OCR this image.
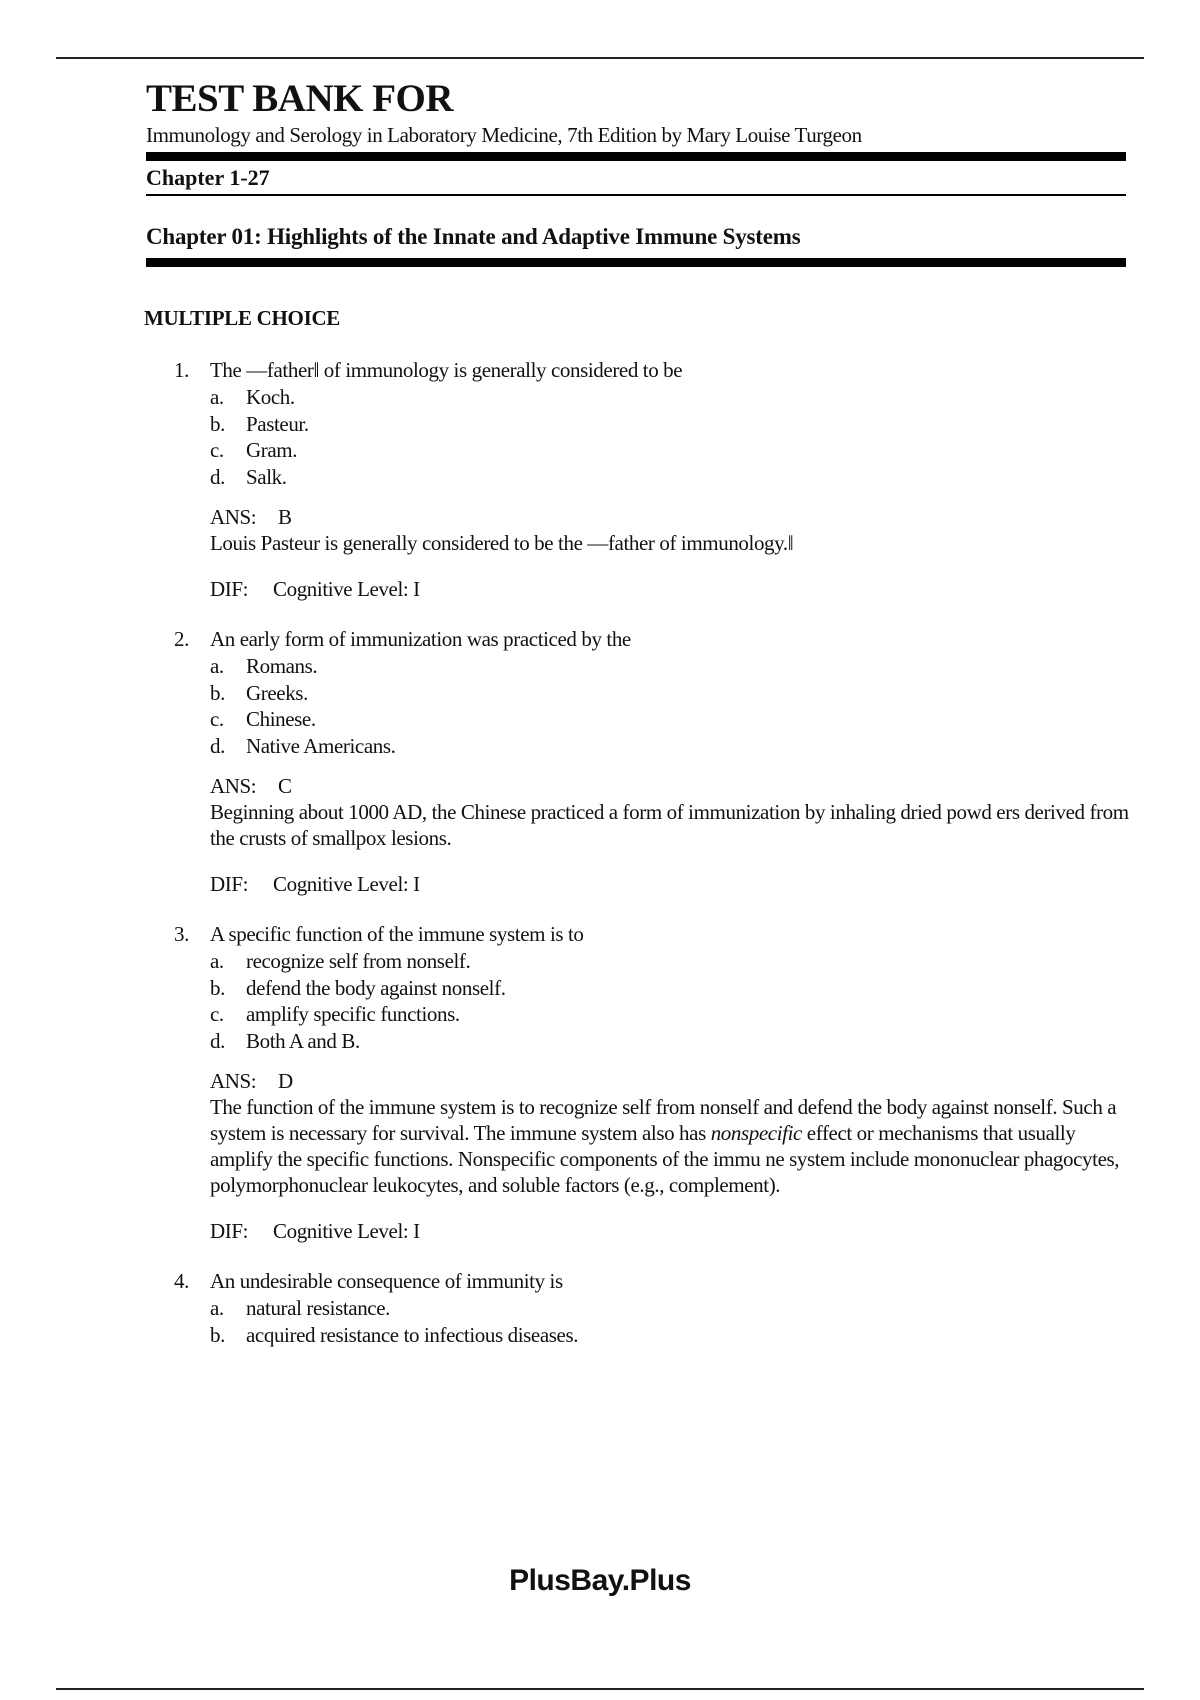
TEST BANK FOR

Immunology and Serology in Laboratory Medicine, 7th Edition by Mary Louise Turgeon

Chapter 1-27

Chapter 01: Highlights of the Innate and Adaptive Immune Systems
MULTIPLE CHOICE
1. The ―father‖ of immunology is generally considered to be
a. Koch.
b. Pasteur.
c. Gram.
d. Salk.
ANS: B
Louis Pasteur is generally considered to be the ―father of immunology.‖
DIF: Cognitive Level: I
2. An early form of immunization was practiced by the
a. Romans.
b. Greeks.
c. Chinese.
d. Native Americans.
ANS: C
Beginning about 1000 AD, the Chinese practiced a form of immunization by inhaling dried powd ers derived from the crusts of smallpox lesions.
DIF: Cognitive Level: I
3. A specific function of the immune system is to
a. recognize self from nonself.
b. defend the body against nonself.
c. amplify specific functions.
d. Both A and B.
ANS: D
The function of the immune system is to recognize self from nonself and defend the body against nonself. Such a system is necessary for survival. The immune system also has nonspecific effect or mechanisms that usually amplify the specific functions. Nonspecific components of the immu ne system include mononuclear phagocytes, polymorphonuclear leukocytes, and soluble factors (e.g., complement).
DIF: Cognitive Level: I
4. An undesirable consequence of immunity is
a. natural resistance.
b. acquired resistance to infectious diseases.
PlusBay.Plus
